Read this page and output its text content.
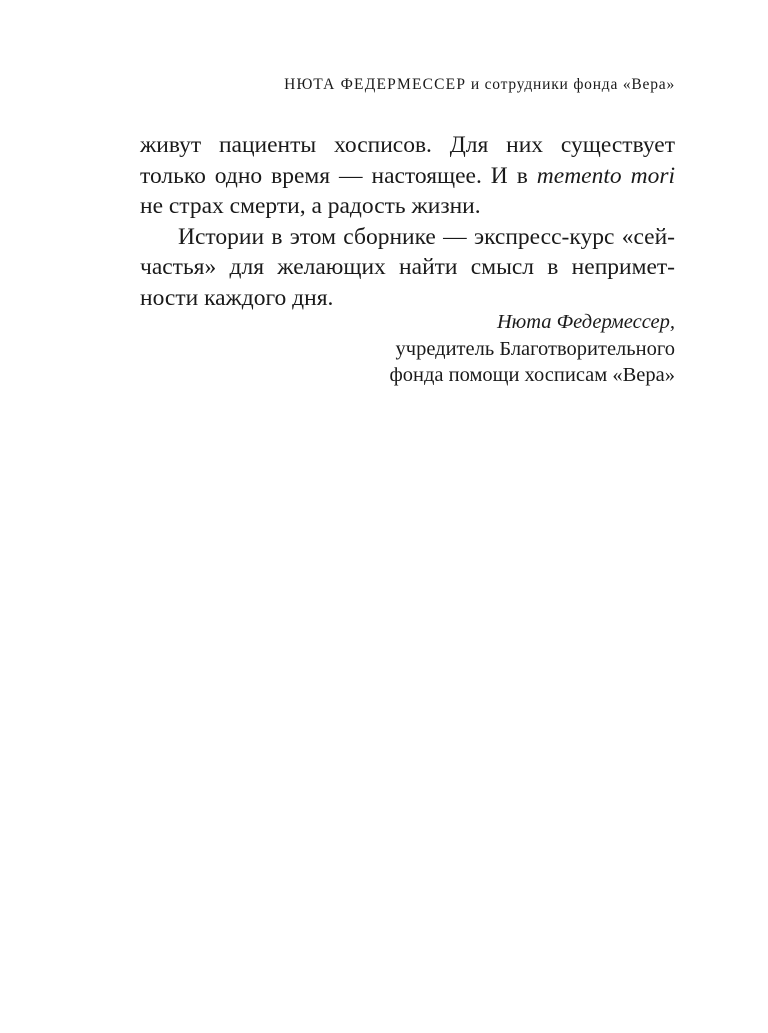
НЮТА ФЕДЕРМЕССЕР и сотрудники фонда «Вера»
живут пациенты хосписов. Для них существует
только одно время — настоящее. И в memento mori
не страх смерти, а радость жизни.
Истории в этом сборнике — экспресс-курс «сей-
частья» для желающих найти смысл в непримет-
ности каждого дня.
Нюта Федермессер,
учредитель Благотворительного
фонда помощи хосписам «Вера»
